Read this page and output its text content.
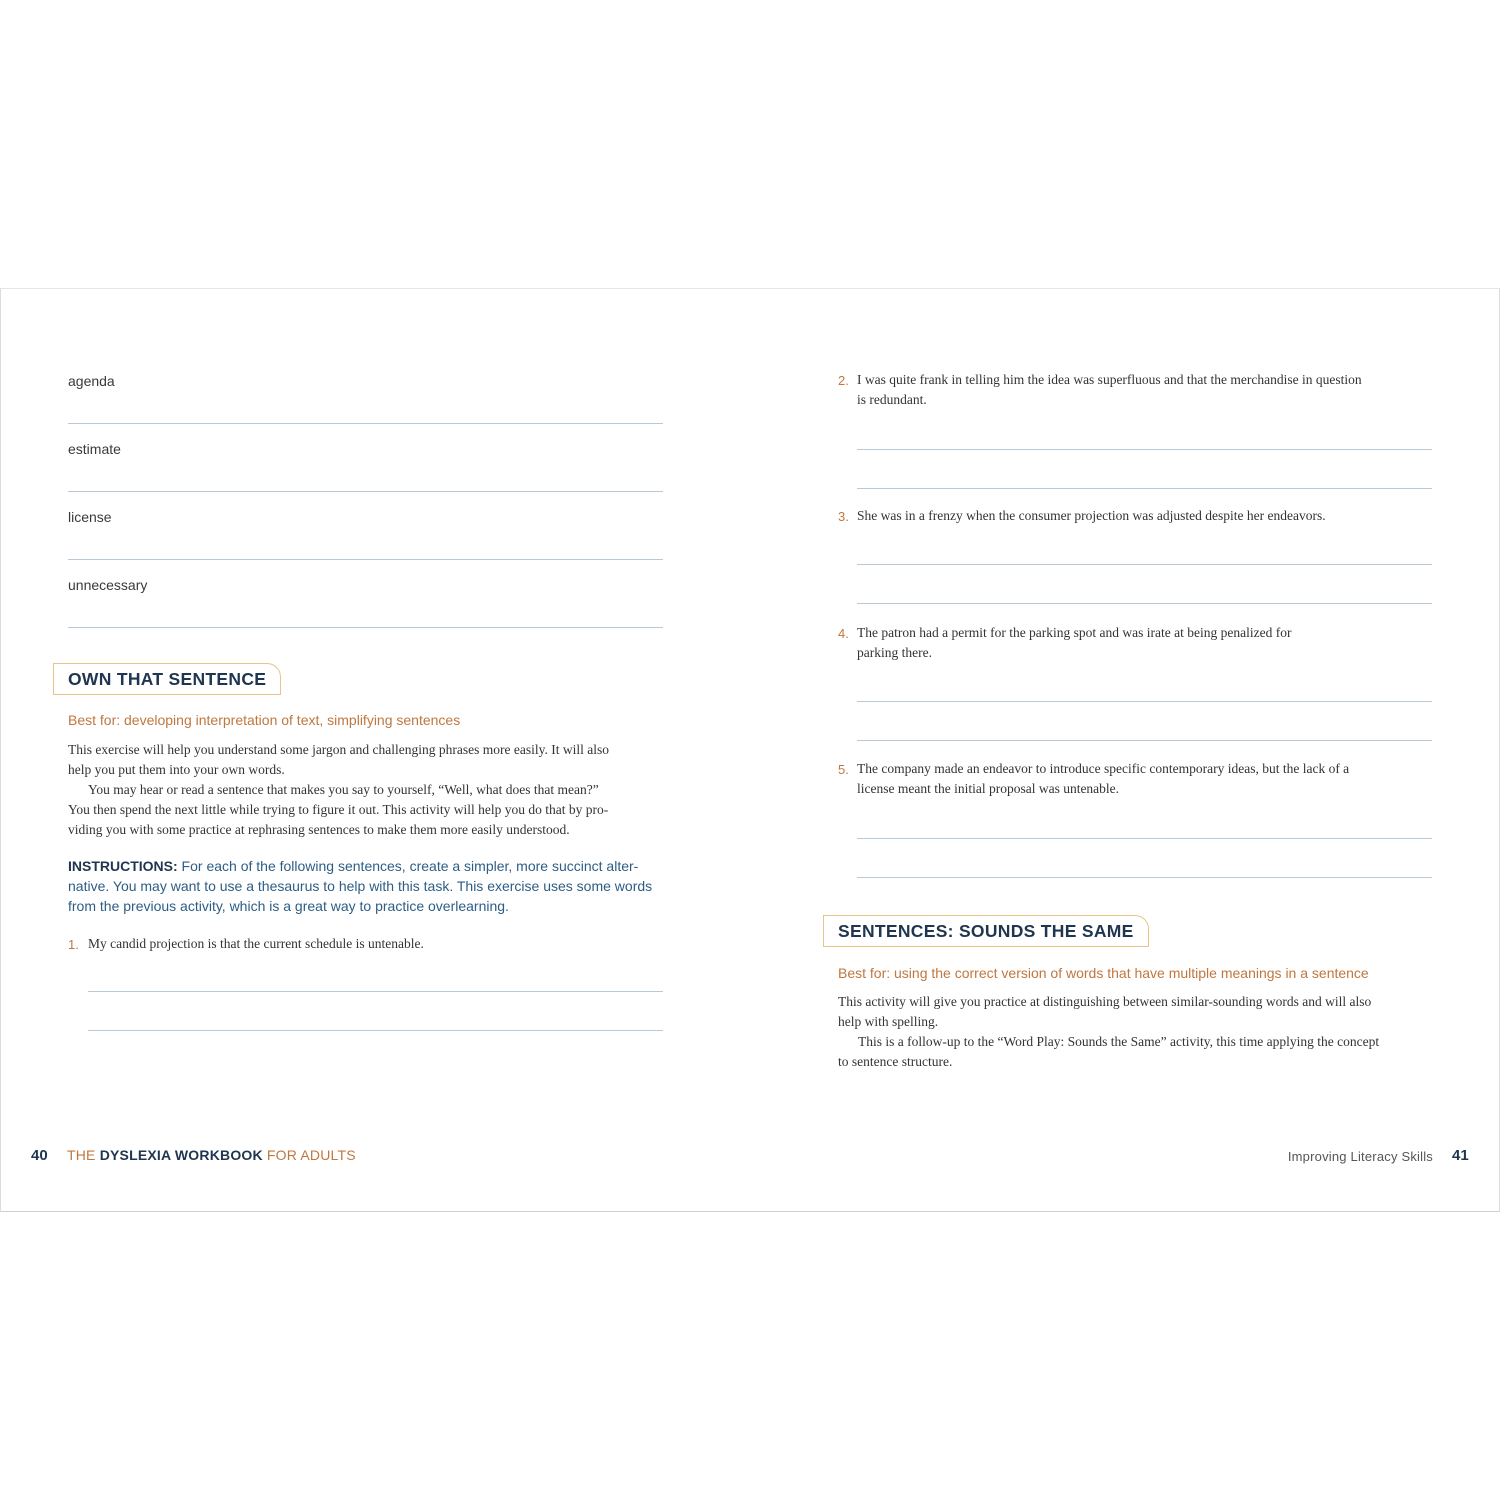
agenda
estimate
license
unnecessary
OWN THAT SENTENCE
Best for: developing interpretation of text, simplifying sentences
This exercise will help you understand some jargon and challenging phrases more easily. It will also
help you put them into your own words.
You may hear or read a sentence that makes you say to yourself, “Well, what does that mean?”
You then spend the next little while trying to figure it out. This activity will help you do that by pro-
viding you with some practice at rephrasing sentences to make them more easily understood.
INSTRUCTIONS: For each of the following sentences, create a simpler, more succinct alter-
native. You may want to use a thesaurus to help with this task. This exercise uses some words
from the previous activity, which is a great way to practice overlearning.
1. My candid projection is that the current schedule is untenable.
40 THE DYSLEXIA WORKBOOK FOR ADULTS
2. I was quite frank in telling him the idea was superfluous and that the merchandise in question
is redundant.
3. She was in a frenzy when the consumer projection was adjusted despite her endeavors.
4. The patron had a permit for the parking spot and was irate at being penalized for
parking there.
5. The company made an endeavor to introduce specific contemporary ideas, but the lack of a
license meant the initial proposal was untenable.
SENTENCES: SOUNDS THE SAME
Best for: using the correct version of words that have multiple meanings in a sentence
This activity will give you practice at distinguishing between similar-sounding words and will also
help with spelling.
This is a follow-up to the “Word Play: Sounds the Same” activity, this time applying the concept
to sentence structure.
Improving Literacy Skills 41
